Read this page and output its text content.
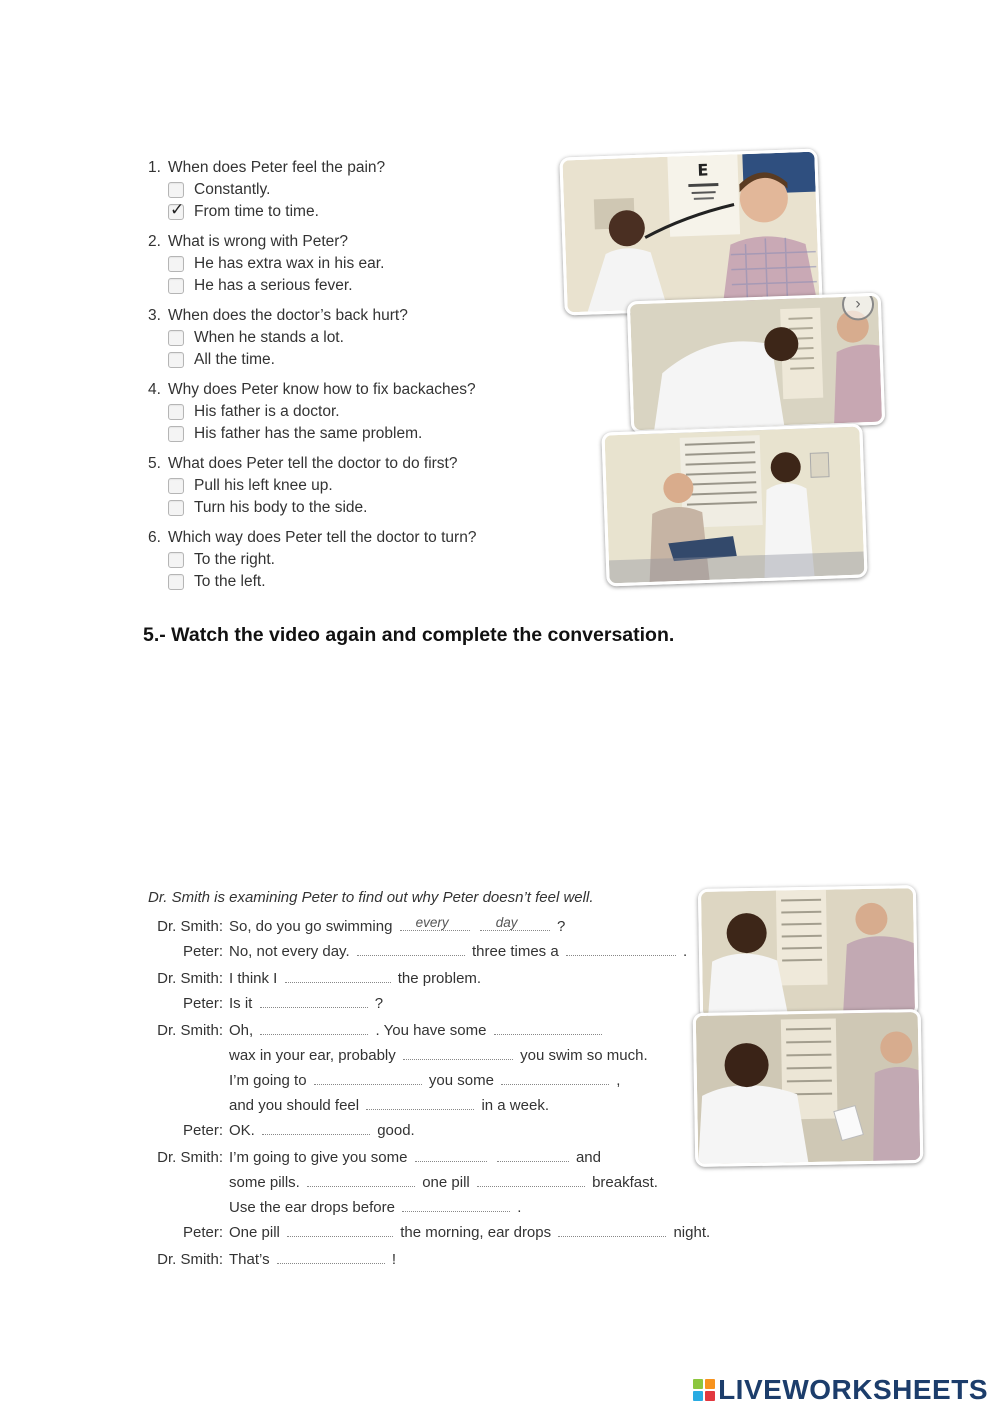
1. When does Peter feel the pain?
Constantly.
✓ From time to time.
2. What is wrong with Peter?
He has extra wax in his ear.
He has a serious fever.
3. When does the doctor’s back hurt?
When he stands a lot.
All the time.
4. Why does Peter know how to fix backaches?
His father is a doctor.
His father has the same problem.
5. What does Peter tell the doctor to do first?
Pull his left knee up.
Turn his body to the side.
6. Which way does Peter tell the doctor to turn?
To the right.
To the left.
E
›
5.- Watch the video again and complete the conversation.
Dr. Smith is examining Peter to find out why Peter doesn’t feel well.
Dr. Smith: So, do you go swimming every
	day	?
Peter: No, not every day.	three times a	.
Dr. Smith: I think I	the problem.
Peter: Is it	?
Dr. Smith: Oh,	. You have some
wax in your ear, probably	you swim so much.
I’m going to	you some	,
and you should feel	in a week.
Peter: OK.	good.
Dr. Smith: I’m going to give you some	and
some pills.	one pill	breakfast.
Use the ear drops before	.
Peter: One pill	the morning, ear drops	night.
Dr. Smith: That’s	!
LIVEWORKSHEETS
